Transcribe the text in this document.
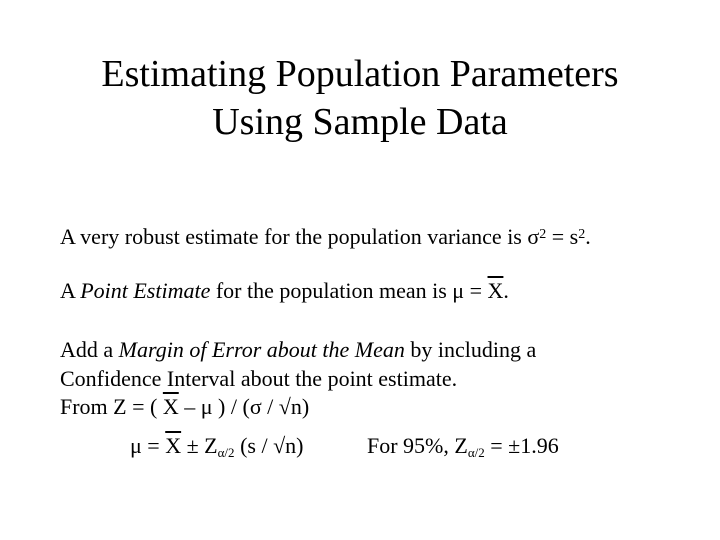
Estimating Population Parameters
Using Sample Data
A very robust estimate for the population variance is $\sigma^2 = s^2$.
A Point Estimate for the population mean is $\mu = \overline{X}$.
Add a Margin of Error about the Mean by including a
Confidence Interval about the point estimate.
From Z = ( $\overline{X}$ – μ ) / (σ / √n)
$\mu = \overline{X} \pm Z_{\alpha/2}$ (s / √n)	For 95%, $Z_{\alpha/2} = \pm 1.96$
